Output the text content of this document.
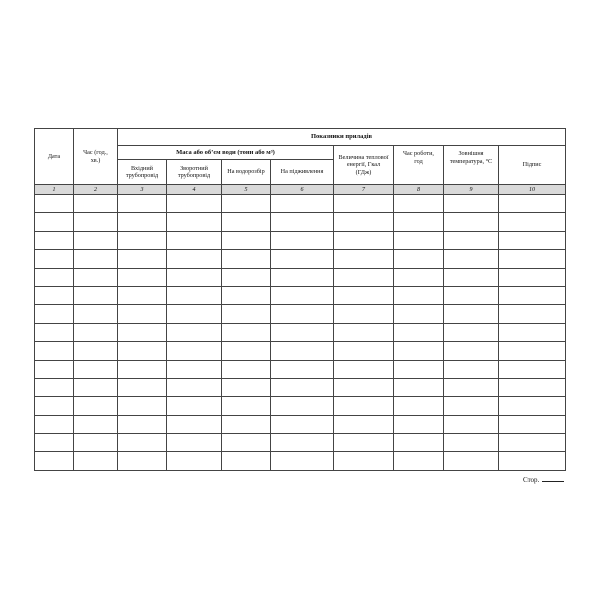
Дата	Час (год., хв.)	Показники приладів							
		Маса або об’єм води (тонн або м³)				Величина теплової енергії, Гкал (ГДж)	Час роботи, год	Зовнішня температура, °С	Підпис
		Вхідний трубопровід	Зворотний трубопровід	На водорозбір	На підживлення				
1	2	3	4	5	6	7	8	9	10

Стор.
